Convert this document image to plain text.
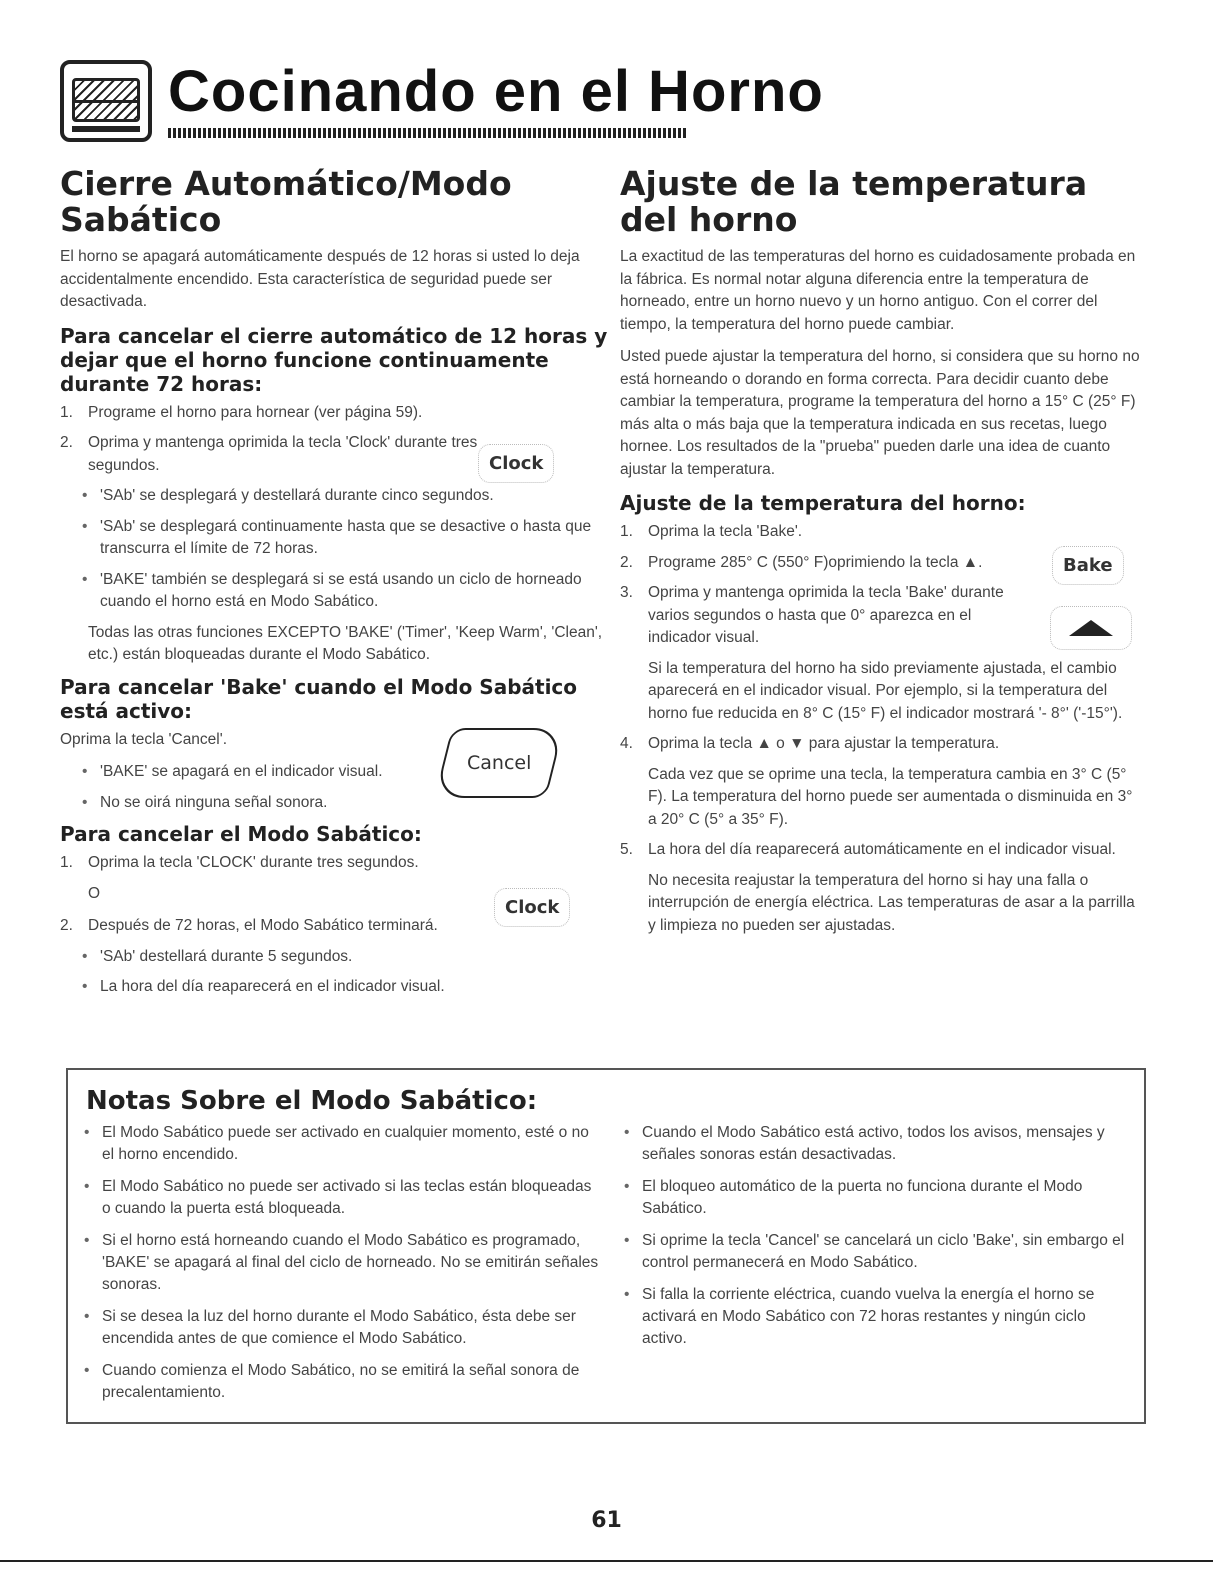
Cocinando en el Horno
Cierre Automático/Modo Sabático

El horno se apagará automáticamente después de 12 horas si usted lo deja accidentalmente encendido. Esta característica de seguridad puede ser desactivada.

Para cancelar el cierre automático de 12 horas y dejar que el horno funcione continuamente durante 72 horas:
1. Programe el horno para hornear (ver página 59).
2. Oprima y mantenga oprimida la tecla 'Clock' durante tres segundos.
• 'SAb' se desplegará y destellará durante cinco segundos.
• 'SAb' se desplegará continuamente hasta que se desactive o hasta que transcurra el límite de 72 horas.
• 'BAKE' también se desplegará si se está usando un ciclo de horneado cuando el horno está en Modo Sabático.

Todas las otras funciones EXCEPTO 'BAKE' ('Timer', 'Keep Warm', 'Clean', etc.) están bloqueadas durante el Modo Sabático.

Para cancelar 'Bake' cuando el Modo Sabático está activo:

Oprima la tecla 'Cancel'.

• 'BAKE' se apagará en el indicador visual.
• No se oirá ninguna señal sonora.
Para cancelar el Modo Sabático:
1. Oprima la tecla 'CLOCK' durante tres segundos.
O
2. Después de 72 horas, el Modo Sabático terminará.
• 'SAb' destellará durante 5 segundos.
• La hora del día reaparecerá en el indicador visual.
Clock
Cancel
Clock
Ajuste de la temperatura del horno

La exactitud de las temperaturas del horno es cuidadosamente probada en la fábrica. Es normal notar alguna diferencia entre la temperatura de horneado, entre un horno nuevo y un horno antiguo. Con el correr del tiempo, la temperatura del horno puede cambiar.

Usted puede ajustar la temperatura del horno, si considera que su horno no está horneando o dorando en forma correcta. Para decidir cuanto debe cambiar la temperatura, programe la temperatura del horno a 15° C (25° F) más alta o más baja que la temperatura indicada en sus recetas, luego hornee. Los resultados de la "prueba" pueden darle una idea de cuanto ajustar la temperatura.

Ajuste de la temperatura del horno:
1. Oprima la tecla 'Bake'.
2. Programe 285° C (550° F)oprimiendo la tecla ▲.
3. Oprima y mantenga oprimida la tecla 'Bake' durante varios segundos o hasta que 0° aparezca en el indicador visual.

Si la temperatura del horno ha sido previamente ajustada, el cambio aparecerá en el indicador visual. Por ejemplo, si la temperatura del horno fue reducida en 8° C (15° F) el indicador mostrará '- 8°' ('-15°').

4. Oprima la tecla ▲ o ▼ para ajustar la temperatura.

Cada vez que se oprime una tecla, la temperatura cambia en 3° C (5° F). La temperatura del horno puede ser aumentada o disminuida en 3° a 20° C (5° a 35° F).

5. La hora del día reaparecerá automáticamente en el indicador visual.

No necesita reajustar la temperatura del horno si hay una falla o interrupción de energía eléctrica. Las temperaturas de asar a la parrilla y limpieza no pueden ser ajustadas.

Bake
Notas Sobre el Modo Sabático:
• El Modo Sabático puede ser activado en cualquier momento, esté o no el horno encendido.
• El Modo Sabático no puede ser activado si las teclas están bloqueadas o cuando la puerta está bloqueada.
• Si el horno está horneando cuando el Modo Sabático es programado, 'BAKE' se apagará al final del ciclo de horneado. No se emitirán señales sonoras.
• Si se desea la luz del horno durante el Modo Sabático, ésta debe ser encendida antes de que comience el Modo Sabático.
• Cuando comienza el Modo Sabático, no se emitirá la señal sonora de precalentamiento.
• Cuando el Modo Sabático está activo, todos los avisos, mensajes y señales sonoras están desactivadas.
• El bloqueo automático de la puerta no funciona durante el Modo Sabático.
• Si oprime la tecla 'Cancel' se cancelará un ciclo 'Bake', sin embargo el control permanecerá en Modo Sabático.
• Si falla la corriente eléctrica, cuando vuelva la energía el horno se activará en Modo Sabático con 72 horas restantes y ningún ciclo activo.
61
